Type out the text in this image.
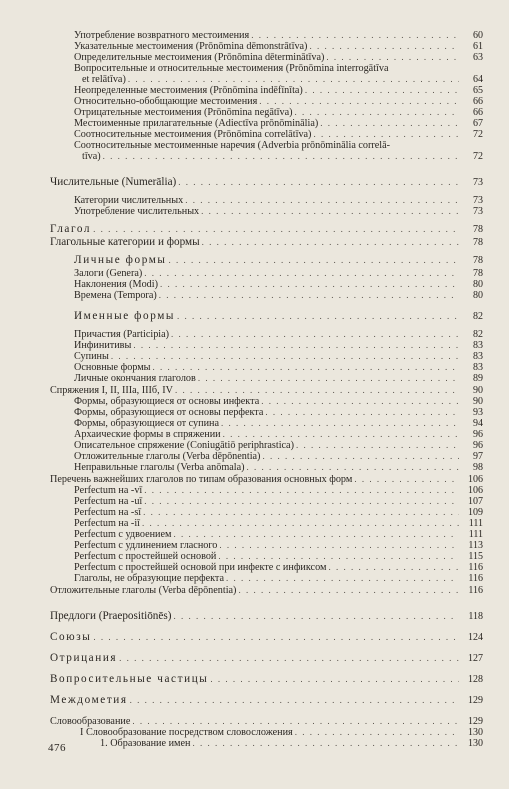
Употребление возвратного местоимения . . .	60
Указательные местоимения (Prōnōmina dēmonstrātīva) . . .	61
Определительные местоимения (Prōnōmina dēterminātīva) . . .	63
Вопросительные и относительные местоимения (Prōnōmina interrogātīva
et relātīva) . . .	64
Неопределенные местоимения (Prōnōmina indēfīnīta) . . .	65
Относительно-обобщающие местоимения . . .	66
Отрицательные местоимения (Prōnōmina negātīva) . . .	66
Местоименные прилагательные (Adiectīva prōnōminālia) . . .	67
Соотносительные местоимения (Prōnōmina correlātīva) . . .	72
Соотносительные местоименные наречия (Adverbia prōnōminālia correlā-
tīva) . . .	72
Числительные (Numerālia) . . .	73
Категории числительных . . .	73
Употребление числительных . . .	73
Глагол . . .	78
Глагольные категории и формы . . .	78
Личные формы . . .	78
Залоги (Genera) . . .	78
Наклонения (Modi) . . .	80
Времена (Tempora) . . .	80
Именные формы . . .	82
Причастия (Participia) . . .	82
Инфинитивы . . .	83
Супины . . .	83
Основные формы . . .	83
Личные окончания глаголов . . .	89
Спряжения I, II, IIIa, IIIб, IV . . .	90
Формы, образующиеся от основы инфекта . . .	90
Формы, образующиеся от основы перфекта . . .	93
Формы, образующиеся от супина . . .	94
Архаические формы в спряжении . . .	96
Описательное спряжение (Coniugātiō periphrastica) . . .	96
Отложительные глаголы (Verba dēpōnentia) . . .	97
Неправильные глаголы (Verba anōmala) . . .	98
Перечень важнейших глаголов по типам образования основных форм . . .	106
Perfectum на -vī . . .	106
Perfectum на -uī . . .	107
Perfectum на -sī . . .	109
Perfectum на -iī . . .	111
Perfectum с удвоением . . .	111
Perfectum с удлинением гласного . . .	113
Perfectum с простейшей основой . . .	115
Perfectum с простейшей основой при инфекте с инфиксом . . .	116
Глаголы, не образующие перфекта . . .	116
Отложительные глаголы (Verba dēpōnentia) . . .	116
Предлоги (Praepositiōnēs) . . .	118
Союзы . . .	124
Отрицания . . .	127
Вопросительные частицы . . .	128
Междометия . . .	129
Словообразование . . .	129
I Словообразование посредством словосложения . . .	130
1. Образование имен . . .	130
476
